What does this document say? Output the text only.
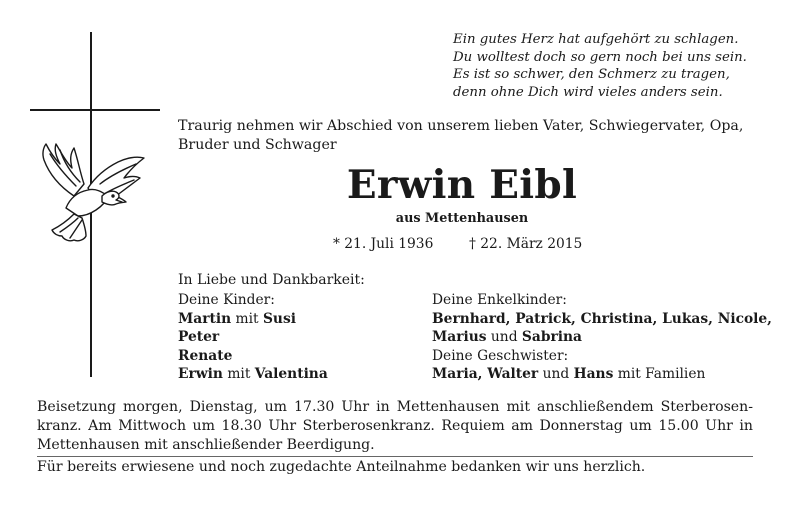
Ein gutes Herz hat aufgehört zu schlagen.
Du wolltest doch so gern noch bei uns sein.
Es ist so schwer, den Schmerz zu tragen,
denn ohne Dich wird vieles anders sein.
Traurig nehmen wir Abschied von unserem lieben Vater, Schwiegervater, Opa, Bruder und Schwager
Erwin Eibl
aus Mettenhausen
* 21. Juli 1936	† 22. März 2015
In Liebe und Dankbarkeit:
Deine Kinder:
Martin mit Susi
Peter
Renate
Erwin mit Valentina
Deine Enkelkinder:
Bernhard, Patrick, Christina, Lukas, Nicole,
Marius und Sabrina
Deine Geschwister:
Maria, Walter und Hans mit Familien
Beisetzung morgen, Dienstag, um 17.30 Uhr in Mettenhausen mit anschließendem Sterberosen-
kranz. Am Mittwoch um 18.30 Uhr Sterberosenkranz. Requiem am Donnerstag um 15.00 Uhr in
Mettenhausen mit anschließender Beerdigung.
Für bereits erwiesene und noch zugedachte Anteilnahme bedanken wir uns herzlich.
